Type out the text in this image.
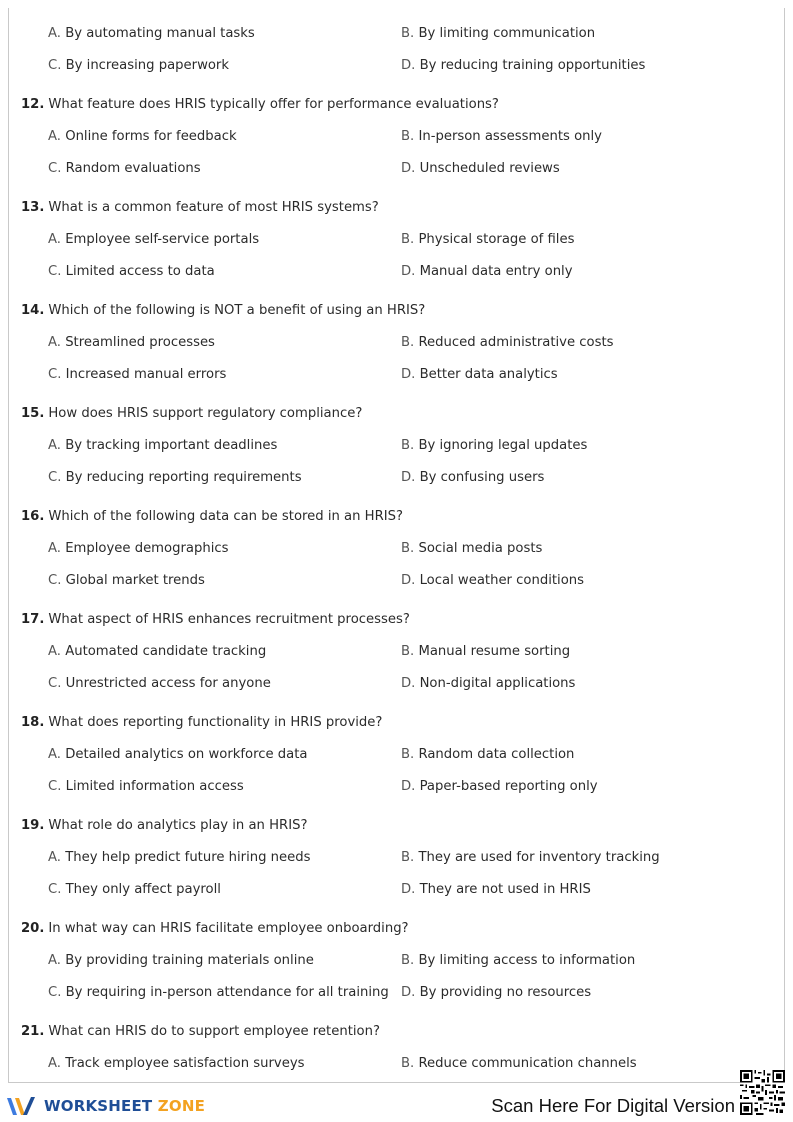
A. By automating manual tasks	B. By limiting communication
C. By increasing paperwork	D. By reducing training opportunities
12. What feature does HRIS typically offer for performance evaluations?
A. Online forms for feedback	B. In-person assessments only
C. Random evaluations	D. Unscheduled reviews
13. What is a common feature of most HRIS systems?
A. Employee self-service portals	B. Physical storage of files
C. Limited access to data	D. Manual data entry only
14. Which of the following is NOT a benefit of using an HRIS?
A. Streamlined processes	B. Reduced administrative costs
C. Increased manual errors	D. Better data analytics
15. How does HRIS support regulatory compliance?
A. By tracking important deadlines	B. By ignoring legal updates
C. By reducing reporting requirements	D. By confusing users
16. Which of the following data can be stored in an HRIS?
A. Employee demographics	B. Social media posts
C. Global market trends	D. Local weather conditions
17. What aspect of HRIS enhances recruitment processes?
A. Automated candidate tracking	B. Manual resume sorting
C. Unrestricted access for anyone	D. Non-digital applications
18. What does reporting functionality in HRIS provide?
A. Detailed analytics on workforce data	B. Random data collection
C. Limited information access	D. Paper-based reporting only
19. What role do analytics play in an HRIS?
A. They help predict future hiring needs	B. They are used for inventory tracking
C. They only affect payroll	D. They are not used in HRIS
20. In what way can HRIS facilitate employee onboarding?
A. By providing training materials online	B. By limiting access to information
C. By requiring in-person attendance for all training D. By providing no resources
21. What can HRIS do to support employee retention?
A. Track employee satisfaction surveys	B. Reduce communication channels
WORKSHEET ZONE	Scan Here For Digital Version
